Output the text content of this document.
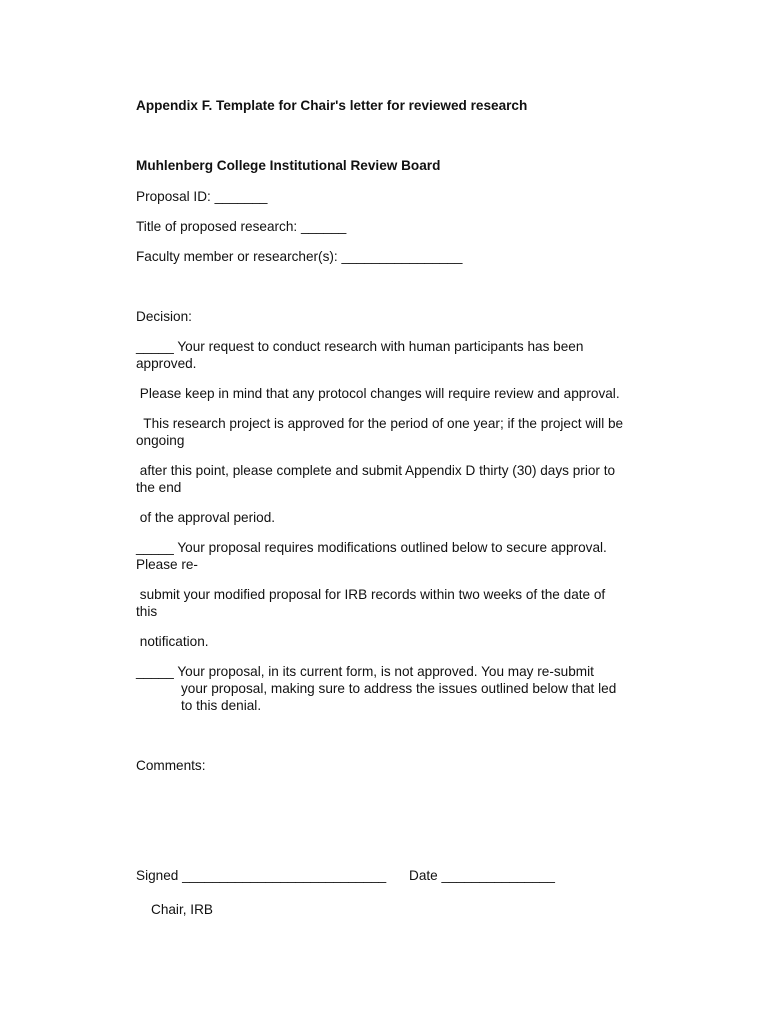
Appendix F. Template for Chair's letter for reviewed research

Muhlenberg College Institutional Review Board

Proposal ID: _______

Title of proposed research: ______

Faculty member or researcher(s): ________________

Decision:

_____ Your request to conduct research with human participants has been

approved.

Please keep in mind that any protocol changes will require review and approval.

This research project is approved for the period of one year; if the project will be

ongoing

after this point, please complete and submit Appendix D thirty (30) days prior to

the end

of the approval period.

_____ Your proposal requires modifications outlined below to secure approval.

Please re-

submit your modified proposal for IRB records within two weeks of the date of

this

notification.

_____ Your proposal, in its current form, is not approved. You may re-submit

your proposal, making sure to address the issues outlined below that led

to this denial.

Comments:

Signed ___________________________ Date _______________

Chair, IRB
